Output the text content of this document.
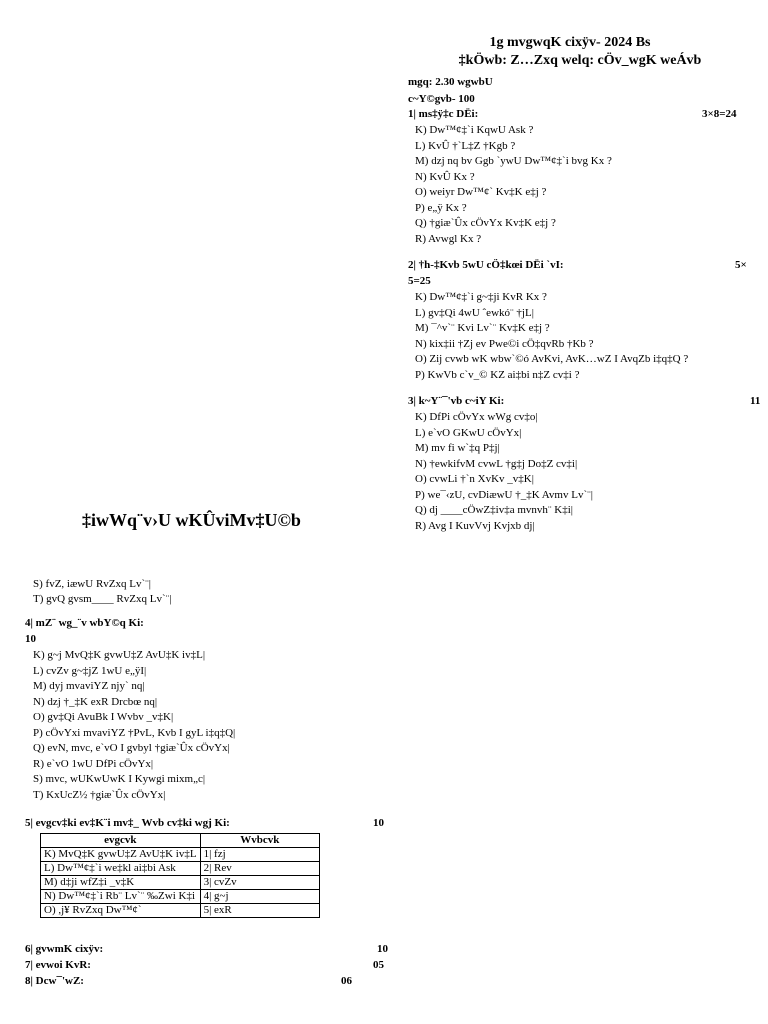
1g mvgwqK cixÿv- 2024 Bs
‡kÖwb: Z…Zxq welq: cÖv_wgK weÁvb
mgq: 2.30 wgwbU
c~Y©gvb- 100
1| ms‡ÿ‡c DËi:	3×8=24
K) Dw™¢‡`i KqwU Ask ?
L) KvÛ †`L‡Z †Kgb ?
M) dzj nq bv Ggb `ywU Dw™¢‡`i bvg Kx ?
N) KvÛ Kx ?
O) weiyr Dw™¢` Kv‡K e‡j ?
P) e„ÿ Kx ?
Q) †giæ`Ûx cÖvYx Kv‡K e‡j ?
R) Avwgl Kx ?
2| †h-‡Kvb 5wU cÖ‡kœi DËi `vI:	5×
5=25
K) Dw™¢‡`i g~‡ji KvR Kx ?
L) gv‡Qi 4wU ˆewkó¨ †jL|
M) ¯^v`¨ Kvi Lv`¨ Kv‡K e‡j ?
N) kix‡ii †Zj ev Pwe©i cÖ‡qvRb †Kb ?
O) Zij cvwb wK wbw`©ó AvKvi, AvK…wZ I AvqZb i‡q‡Q ?
P) KwVb c`v_© KZ ai‡bi n‡Z cv‡i ?
3| k~Y¨¯'vb c~iY Ki:	11
K) DfPi cÖvYx wWg cv‡o|
L) e`vO GKwU cÖvYx|
M) mv fi w`‡q P‡j|
N) †ewkifvM cvwL †g‡j Do‡Z cv‡i|
O) cvwLi †`n XvKv _v‡K|
P) we¯‹zU, cvDiæwU †_‡K Avmv Lv`¨|
Q) dj ____cÖwZ‡iv‡a mvnvh¨ K‡i|
R) Avg I KuvVvj Kvjxb dj|
‡iwWq¨v›U wKÛviMv‡U©b
S) fvZ, iæwU RvZxq Lv`¨|
T) gvQ gvsm____ RvZxq Lv`¨|
4| mZ¨ wg_¨v wbY©q Ki:
10
K) g~j MvQ‡K gvwU‡Z AvU‡K iv‡L|
L) cvZv g~‡jZ 1wU e„ÿI|
M) dyj mvaviYZ njy` nq|
N) dzj †_‡K exR Drcbœ nq|
O) gv‡Qi AvuBk I Wvbv _v‡K|
P) cÖvYxi mvaviYZ †PvL, Kvb I gyL i‡q‡Q|
Q) evN, mvc, e`vO I gvbyl †giæ`Ûx cÖvYx|
R) e`vO 1wU DfPi cÖvYx|
S) mvc, wUKwUwK I Kywgi mixm„c|
T) KxUcZ½ †giæ`Ûx cÖvYx|
5| evgcv‡ki ev‡K¨i mv‡_ Wvb cv‡ki wgj Ki:	10
evgcvk	Wvbcvk
K) MvQ‡K gvwU‡Z AvU‡K iv‡L	1| fzj
L) Dw™¢‡`i we‡kl ai‡bi Ask	2| Rev
M) d‡ji wfZ‡i _v‡K	3| cvZv
N) Dw™¢‡`i Rb¨ Lv`¨ ‰Zwi K‡i	4| g~j
O) ,j¥ RvZxq Dw™¢`	5| exR
6| gvwmK cixÿv:	10
7| evwoi KvR:	05
8| Dcw¯'wZ:	06
